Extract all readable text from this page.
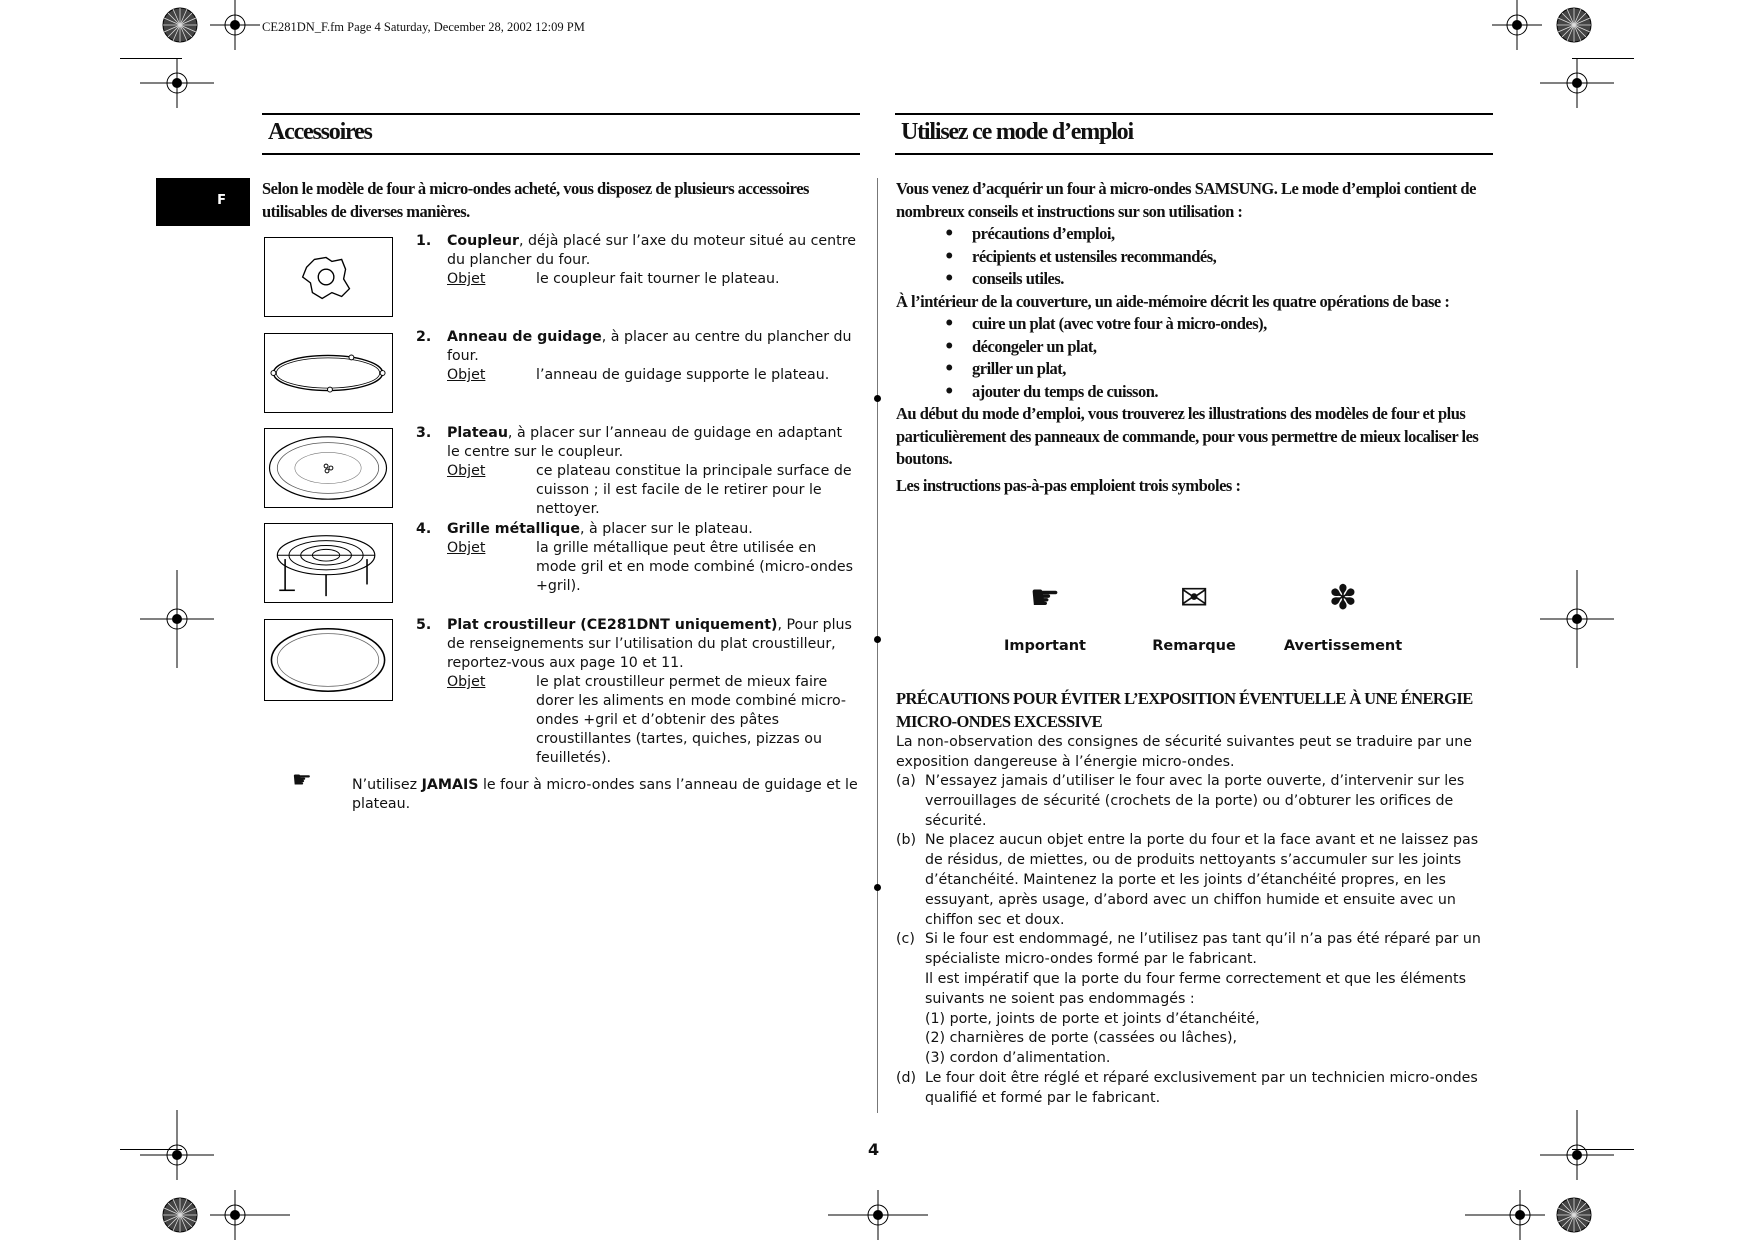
CE281DN_F.fm Page 4 Saturday, December 28, 2002 12:09 PM
F
Accessoires
Selon le modèle de four à micro-ondes acheté, vous disposez de plusieurs accessoires utilisables de diverses manières.
1. Coupleur, déjà placé sur l’axe du moteur situé au centre du plancher du four.
Objet	le coupleur fait tourner le plateau.
2. Anneau de guidage, à placer au centre du plancher du four.
Objet	l’anneau de guidage supporte le plateau.
3. Plateau, à placer sur l’anneau de guidage en adaptant le centre sur le coupleur.
Objet	ce plateau constitue la principale surface de cuisson ; il est facile de le retirer pour le nettoyer.
4. Grille métallique, à placer sur le plateau.
Objet	la grille métallique peut être utilisée en mode gril et en mode combiné (micro-ondes +gril).
5. Plat croustilleur (CE281DNT uniquement), Pour plus de renseignements sur l’utilisation du plat croustilleur, reportez-vous aux page 10 et 11.
Objet	le plat croustilleur permet de mieux faire dorer les aliments en mode combiné micro-ondes +gril et d’obtenir des pâtes croustillantes (tartes, quiches, pizzas ou feuilletés).
☛	N’utilisez JAMAIS le four à micro-ondes sans l’anneau de guidage et le plateau.
Utilisez ce mode d’emploi

Vous venez d’acquérir un four à micro-ondes SAMSUNG. Le mode d’emploi contient de nombreux conseils et instructions sur son utilisation :

• précautions d’emploi,
• récipients et ustensiles recommandés,
• conseils utiles.

À l’intérieur de la couverture, un aide-mémoire décrit les quatre opérations de base :

• cuire un plat (avec votre four à micro-ondes),
• décongeler un plat,
• griller un plat,
• ajouter du temps de cuisson.

Au début du mode d’emploi, vous trouverez les illustrations des modèles de four et plus particulièrement des panneaux de commande, pour vous permettre de mieux localiser les boutons.

Les instructions pas-à-pas emploient trois symboles :

☛
Important
✉
Remarque
✽
Avertissement
PRÉCAUTIONS POUR ÉVITER L’EXPOSITION ÉVENTUELLE À UNE ÉNERGIE MICRO-ONDES EXCESSIVE
La non-observation des consignes de sécurité suivantes peut se traduire par une exposition dangereuse à l’énergie micro-ondes.
(a) N’essayez jamais d’utiliser le four avec la porte ouverte, d’intervenir sur les verrouillages de sécurité (crochets de la porte) ou d’obturer les orifices de sécurité.
(b) Ne placez aucun objet entre la porte du four et la face avant et ne laissez pas de résidus, de miettes, ou de produits nettoyants s’accumuler sur les joints d’étanchéité. Maintenez la porte et les joints d’étanchéité propres, en les essuyant, après usage, d’abord avec un chiffon humide et ensuite avec un chiffon sec et doux.
(c) Si le four est endommagé, ne l’utilisez pas tant qu’il n’a pas été réparé par un spécialiste micro-ondes formé par le fabricant.
Il est impératif que la porte du four ferme correctement et que les éléments suivants ne soient pas endommagés :
(1) porte, joints de porte et joints d’étanchéité,
(2) charnières de porte (cassées ou lâches),
(3) cordon d’alimentation.
(d) Le four doit être réglé et réparé exclusivement par un technicien micro-ondes qualifié et formé par le fabricant.
4
